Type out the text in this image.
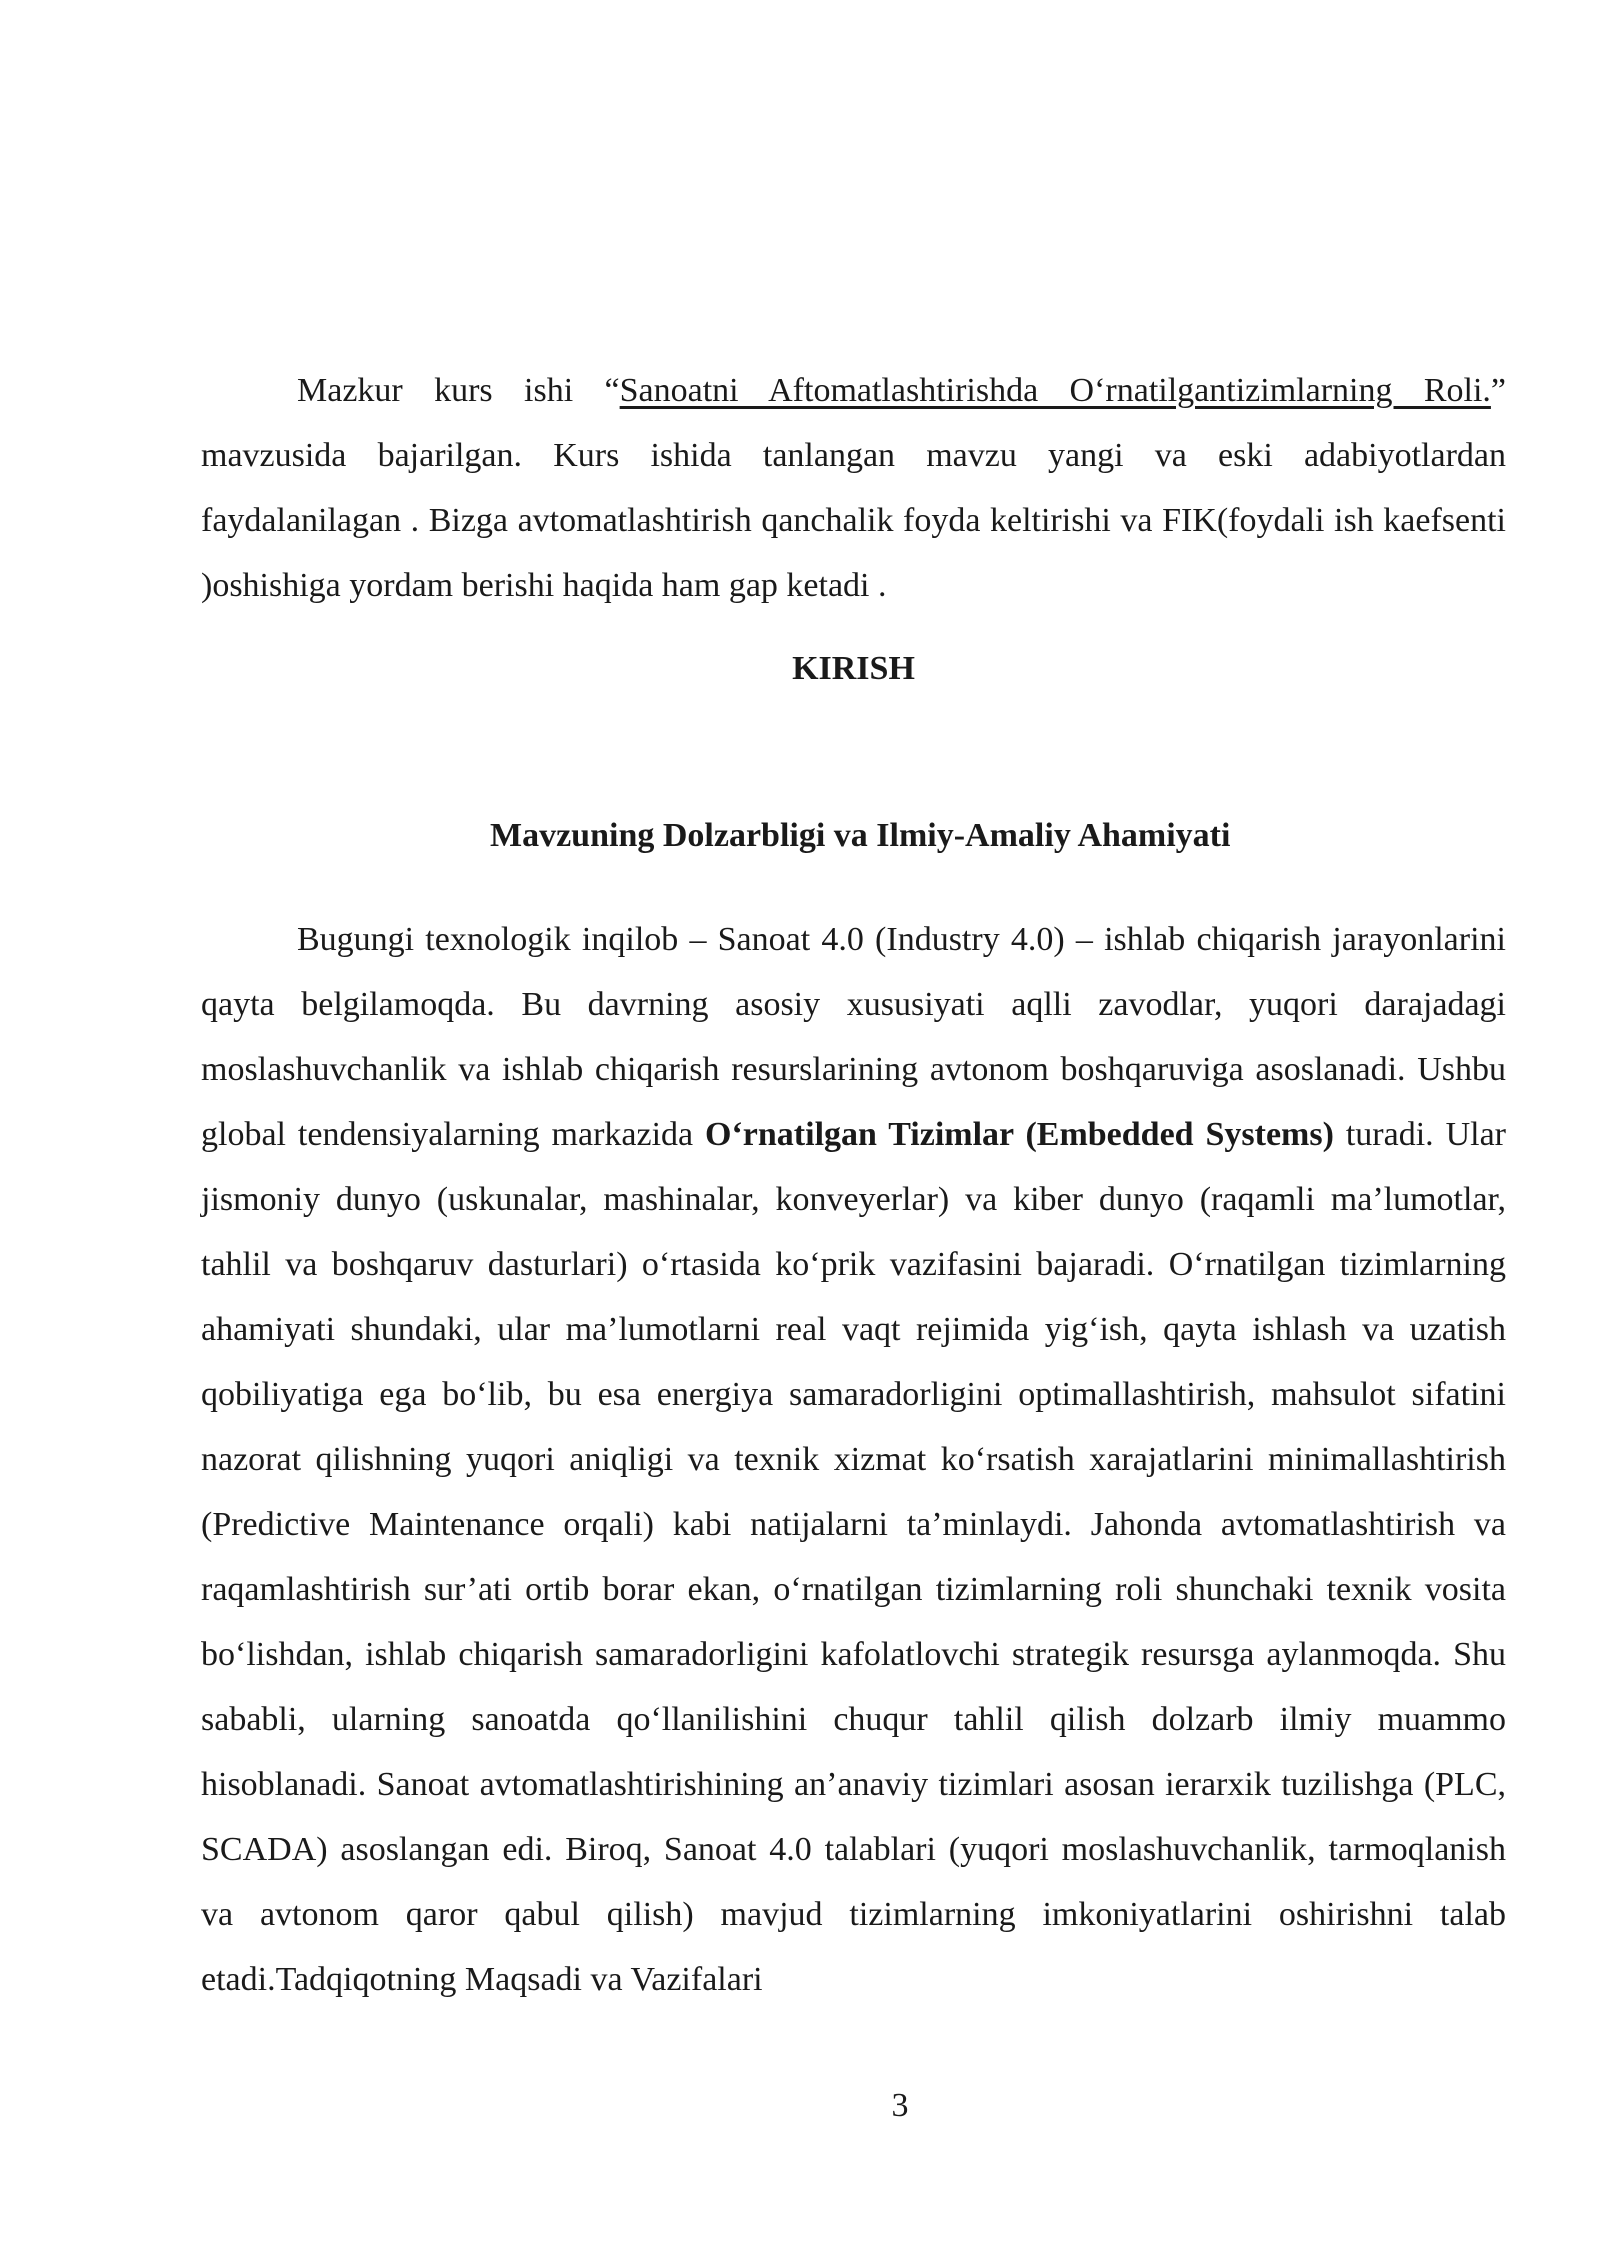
Mazkur kurs ishi “Sanoatni Aftomatlashtirishda O‘rnatilgantizimlarning Roli.” mavzusida bajarilgan. Kurs ishida tanlangan mavzu yangi va eski adabiyotlardan faydalanilagan . Bizga avtomatlashtirish qanchalik foyda keltirishi va FIK(foydali ish kaefsenti )oshishiga yordam berishi haqida ham gap ketadi .

KIRISH
Mavzuning Dolzarbligi va Ilmiy-Amaliy Ahamiyati

Bugungi texnologik inqilob – Sanoat 4.0 (Industry 4.0) – ishlab chiqarish jarayonlarini qayta belgilamoqda. Bu davrning asosiy xususiyati aqlli zavodlar, yuqori darajadagi moslashuvchanlik va ishlab chiqarish resurslarining avtonom boshqaruviga asoslanadi. Ushbu global tendensiyalarning markazida O‘rnatilgan Tizimlar (Embedded Systems) turadi. Ular jismoniy dunyo (uskunalar, mashinalar, konveyerlar) va kiber dunyo (raqamli ma’lumotlar, tahlil va boshqaruv dasturlari) o‘rtasida ko‘prik vazifasini bajaradi. O‘rnatilgan tizimlarning ahamiyati shundaki, ular ma’lumotlarni real vaqt rejimida yig‘ish, qayta ishlash va uzatish qobiliyatiga ega bo‘lib, bu esa energiya samaradorligini optimallashtirish, mahsulot sifatini nazorat qilishning yuqori aniqligi va texnik xizmat ko‘rsatish xarajatlarini minimallashtirish (Predictive Maintenance orqali) kabi natijalarni ta’minlaydi. Jahonda avtomatlashtirish va raqamlashtirish sur’ati ortib borar ekan, o‘rnatilgan tizimlarning roli shunchaki texnik vosita bo‘lishdan, ishlab chiqarish samaradorligini kafolatlovchi strategik resursga aylanmoqda. Shu sababli, ularning sanoatda qo‘llanilishini chuqur tahlil qilish dolzarb ilmiy muammo hisoblanadi. Sanoat avtomatlashtirishining an’anaviy tizimlari asosan ierarxik tuzilishga (PLC, SCADA) asoslangan edi. Biroq, Sanoat 4.0 talablari (yuqori moslashuvchanlik, tarmoqlanish va avtonom qaror qabul qilish) mavjud tizimlarning imkoniyatlarini oshirishni talab etadi.Tadqiqotning Maqsadi va Vazifalari

3
